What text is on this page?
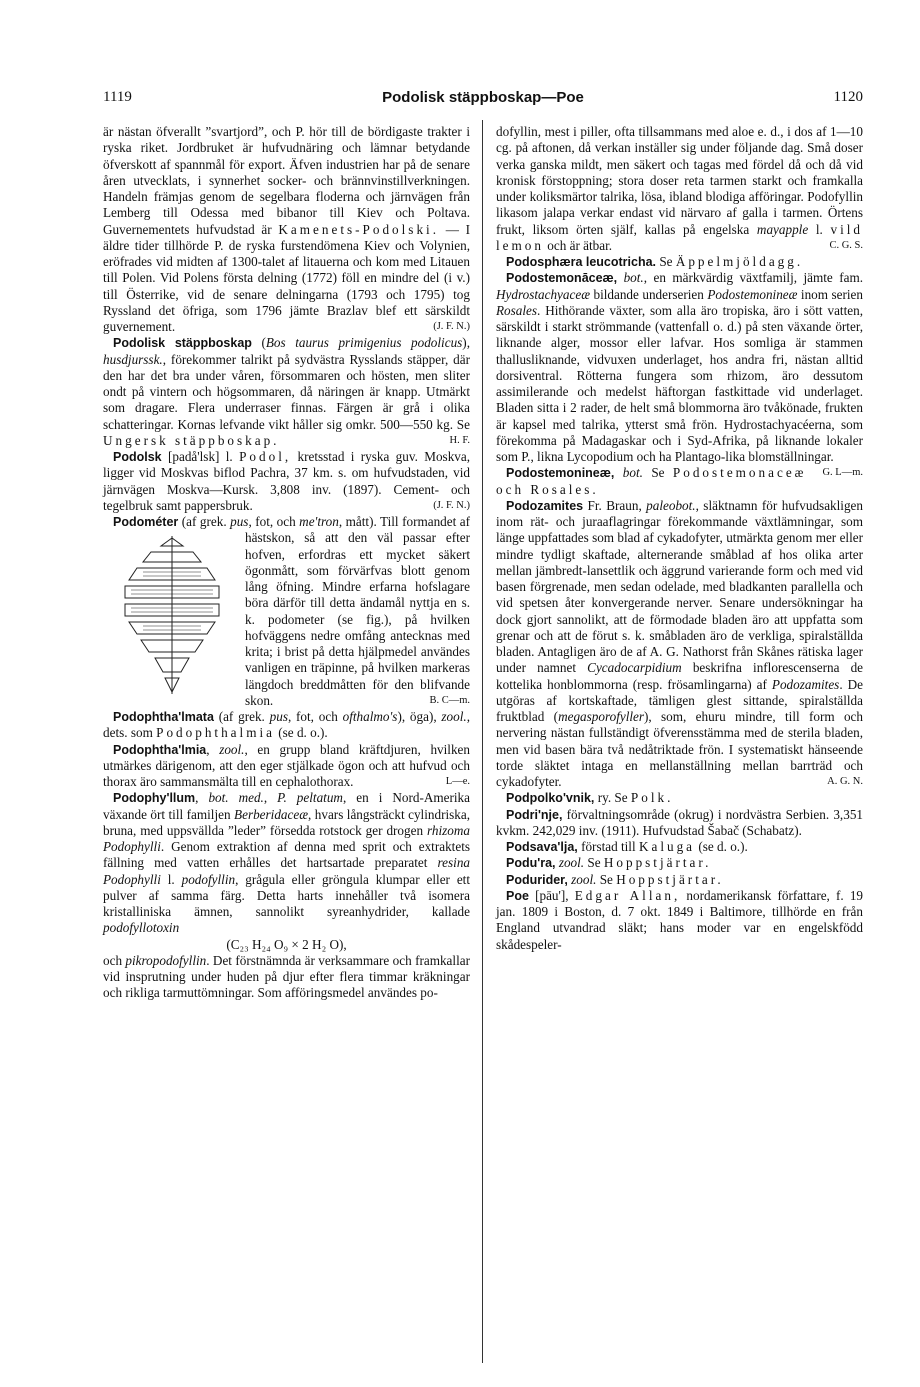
Podolisk stäppboskap—Poe
1119	1120

är nästan öfverallt ”svartjord”, och P. hör till de bördigaste trakter i ryska riket. Jordbruket är hufvudnäring och lämnar betydande öfverskott af spannmål för export. Äfven industrien har på de senare åren utvecklats, i synnerhet socker- och brännvinstillverkningen. Handeln främjas genom de segelbara floderna och järnvägen från Lemberg till Odessa med bibanor till Kiev och Poltava. Guvernementets hufvudstad är Kamenets-Podolski. — I äldre tider tillhörde P. de ryska furstendömena Kiev och Volynien, eröfrades vid midten af 1300-talet af litauerna och kom med Litauen till Polen. Vid Polens första delning (1772) föll en mindre del (i v.) till Österrike, vid de senare delningarna (1793 och 1795) tog Ryssland det öfriga, som 1796 jämte Brazlav blef ett särskildt guvernement.	(J. F. N.)

Podolisk stäppboskap (Bos taurus primigenius podolicus), husdjurssk., förekommer talrikt på sydvästra Rysslands stäpper, där den har det bra under våren, försommaren och hösten, men sliter ondt på vintern och högsommaren, då näringen är knapp. Utmärkt som dragare. Flera underraser finnas. Färgen är grå i olika schatteringar. Kornas lefvande vikt håller sig omkr. 500—550 kg. Se Ungersk stäppboskap.	H. F.

Podolsk [padå'lsk] l. Podol, kretsstad i ryska guv. Moskva, ligger vid Moskvas biflod Pachra, 37 km. s. om hufvudstaden, vid järnvägen Moskva—Kursk. 3,808 inv. (1897). Cement- och tegelbruk samt pappersbruk.	(J. F. N.)

Podométer (af grek. pus, fot, och me'tron
, mått). Till formandet af hästskon, så att den väl passar efter hofven, erfordras ett mycket säkert ögonmått, som förvärfvas blott genom lång öfning. Mindre erfarna hofslagare böra därför till detta ändamål nyttja en s. k. podometer (se fig.), på hvilken hofväggens nedre omfång antecknas med krita; i brist på detta hjälpmedel användes vanligen en träpinne, på hvilken markeras längdoch breddmåtten för den blifvande skon.	B. C—m.

Podophtha'lmata (af grek. pus, fot, och ofthalmo's), öga), zool., dets. som Podophthalmia (se d. o.).

Podophtha'lmia, zool., en grupp bland kräftdjuren, hvilken utmärkes därigenom, att den eger stjälkade ögon och att hufvud och thorax äro sammansmälta till en cephalothorax.	L—e.

Podophy'llum, bot. med., P. peltatum, en i Nord-Amerika växande ört till familjen Berberidaceæ, hvars långsträckt cylindriska, bruna, med uppsvällda ”leder” försedda rotstock ger drogen rhizoma Podophylli. Genom extraktion af denna med sprit och extraktets fällning med vatten erhålles det hartsartade preparatet resina Podophylli l. podofyllin, grågula eller gröngula klumpar eller ett pulver af samma färg. Detta harts innehåller två isomera kristalliniska ämnen, sannolikt syreanhydrider, kallade podofyllotoxin

(C₂₃ H₂₄ O₉ × 2 H₂ O),

och pikropodofyllin. Det förstnämnda är verksammare och framkallar vid insprutning under huden på djur efter flera timmar kräkningar och rikliga tarmuttömningar. Som afföringsmedel användes po-

dofyllin, mest i piller, ofta tillsammans med aloe e. d., i dos af 1—10 cg. på aftonen, då verkan inställer sig under följande dag. Små doser verka ganska mildt, men säkert och tagas med fördel då och då vid kronisk förstoppning; stora doser reta tarmen starkt och framkalla under koliksmärtor talrika, lösa, ibland blodiga afföringar. Podofyllin likasom jalapa verkar endast vid närvaro af galla i tarmen. Örtens frukt, liksom örten själf, kallas på engelska mayapple l. vild lemon och är ätbar.	C. G. S.

Podosphæra leucotricha. Se Äppelmjöldagg.

Podostemonāceæ, bot., en märkvärdig växtfamilj, jämte fam. Hydrostachyaceæ bildande underserien Podostemonineæ inom serien Rosales. Hithörande växter, som alla äro tropiska, äro i sött vatten, särskildt i starkt strömmande (vattenfall o. d.) på sten växande örter, liknande alger, mossor eller lafvar. Hos somliga är stammen thallusliknande, vidvuxen underlaget, hos andra fri, nästan alltid dorsiventral. Rötterna fungera som rhizom, äro dessutom assimilerande och medelst häftorgan fastkittade vid underlaget. Bladen sitta i 2 rader, de helt små blommorna äro tvåkönade, frukten är kapsel med talrika, ytterst små frön. Hydrostachyacéerna, som förekomma på Madagaskar och i Syd-Afrika, på liknande lokaler som P., likna Lycopodium och ha Plantago-lika blomställningar.
G. L—m.

Podostemonineæ, bot. Se Podostemonaceæ och Rosales.

Podozamites Fr. Braun, paleobot., släktnamn för hufvudsakligen inom rät- och juraaflagringar förekommande växtlämningar, som länge uppfattades som blad af cykadofyter, utmärkta genom mer eller mindre tydligt skaftade, alternerande småblad af hos olika arter mellan jämbredt-lansettlik och äggrund varierande form och med vid basen förgrenade, men sedan odelade, med bladkanten parallella och vid spetsen åter konvergerande nerver. Senare undersökningar ha dock gjort sannolikt, att de förmodade bladen äro att uppfatta som grenar och att de förut s. k. småbladen äro de verkliga, spiralställda bladen. Antagligen äro de af A. G. Nathorst från Skånes rätiska lager under namnet Cycadocarpidium beskrifna inflorescenserna de kottelika honblommorna (resp. frösamlingarna) af Podozamites. De utgöras af kortskaftade, tämligen glest sittande, spiralställda fruktblad (megasporofyller), som, ehuru mindre, till form och nervering nästan fullständigt öfverensstämma med de sterila bladen, men vid basen bära två nedåtriktade frön. I systematiskt hänseende torde släktet intaga en mellanställning mellan barrträd och cykadofyter.	A. G. N.

Podpolko'vnik, ry. Se Polk.

Podri'nje, förvaltningsområde (okrug) i nordvästra Serbien. 3,351 kvkm. 242,029 inv. (1911). Hufvudstad Šabač (Schabatz).

Podsava'lja, förstad till Kaluga (se d. o.).

Podu'ra, zool. Se Hoppstjärtar.

Podurider, zool. Se Hoppstjärtar.

Poe [pāu'], Edgar Allan, nordamerikansk författare, f. 19 jan. 1809 i Boston, d. 7 okt. 1849 i Baltimore, tillhörde en från England utvandrad släkt; hans moder var en engelskfödd skådespeler-
